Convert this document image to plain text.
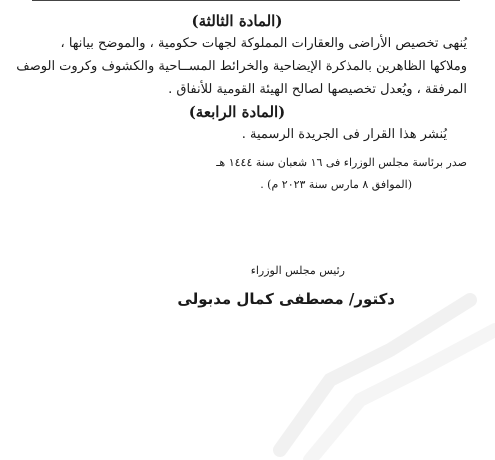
(المادة الثالثة)

يُنهى تخصيص الأراضى والعقارات المملوكة لجهات حكومية ، والموضح بيانها ،

وملاكها الظاهرين بالمذكرة الإيضاحية والخرائط المســاحية والكشوف وكروت الوصف

المرفقة ، ويُعدل تخصيصها لصالح الهيئة القومية للأنفاق .

(المادة الرابعة)

يُنشر هذا القرار فى الجريدة الرسمية .

صدر برئاسة مجلس الوزراء فى ١٦ شعبان سنة ١٤٤٤ هـ

(الموافق ٨ مارس سنة ٢٠٢٣ م) .

رئيس مجلس الوزراء
دكتور/ مصطفى كمال مدبولى
